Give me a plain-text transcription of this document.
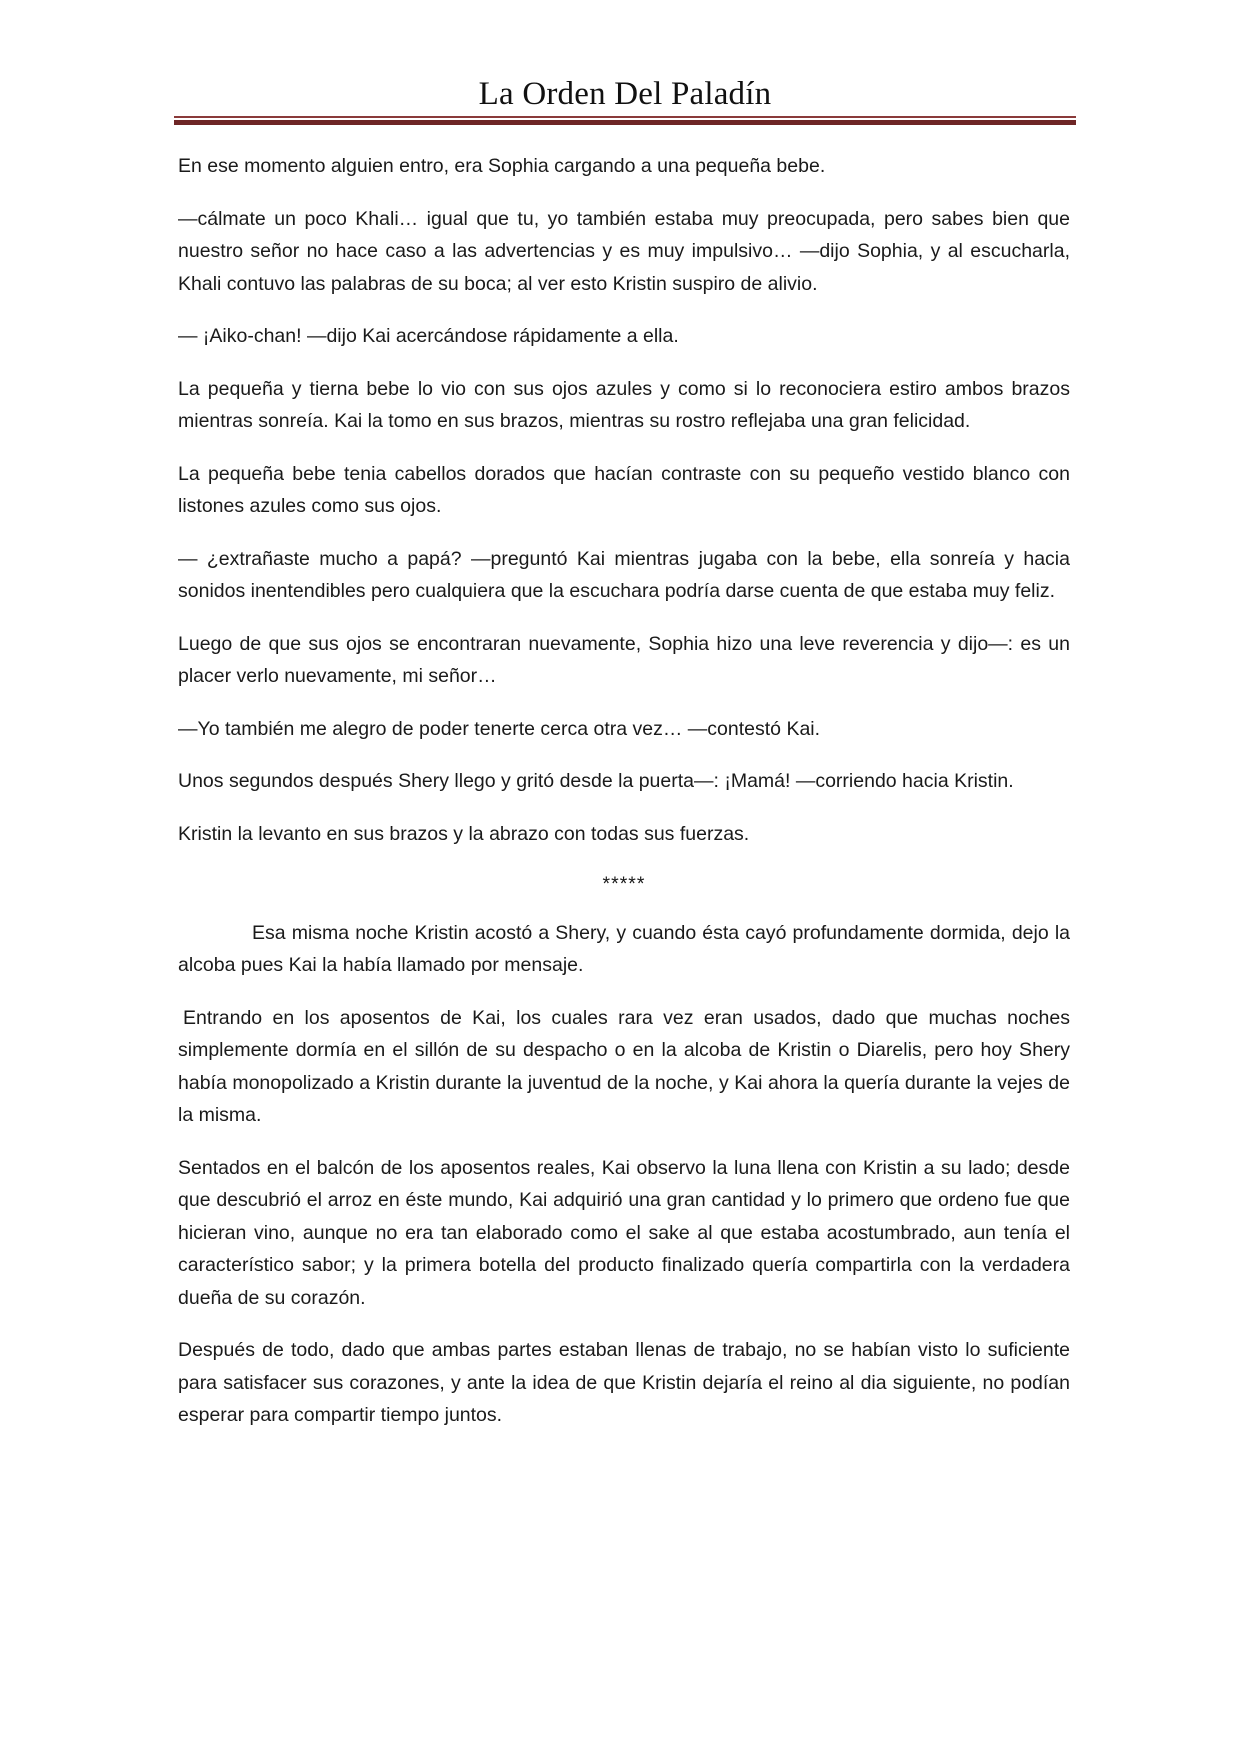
La Orden Del Paladín

En ese momento alguien entro, era Sophia cargando a una pequeña bebe.

—cálmate un poco Khali… igual que tu, yo también estaba muy preocupada, pero sabes bien que nuestro señor no hace caso a las advertencias y es muy impulsivo… —dijo Sophia, y al escucharla, Khali contuvo las palabras de su boca; al ver esto Kristin suspiro de alivio.

— ¡Aiko-chan! —dijo Kai acercándose rápidamente a ella.

La pequeña y tierna bebe lo vio con sus ojos azules y como si lo reconociera estiro ambos brazos mientras sonreía. Kai la tomo en sus brazos, mientras su rostro reflejaba una gran felicidad.

La pequeña bebe tenia cabellos dorados que hacían contraste con su pequeño vestido blanco con listones azules como sus ojos.

— ¿extrañaste mucho a papá? —preguntó Kai mientras jugaba con la bebe, ella sonreía y hacia sonidos inentendibles pero cualquiera que la escuchara podría darse cuenta de que estaba muy feliz.

Luego de que sus ojos se encontraran nuevamente, Sophia hizo una leve reverencia y dijo—: es un placer verlo nuevamente, mi señor…

—Yo también me alegro de poder tenerte cerca otra vez… —contestó Kai.

Unos segundos después Shery llego y gritó desde la puerta—: ¡Mamá! —corriendo hacia Kristin.

Kristin la levanto en sus brazos y la abrazo con todas sus fuerzas.

*****

Esa misma noche Kristin acostó a Shery, y cuando ésta cayó profundamente dormida, dejo la alcoba pues Kai la había llamado por mensaje.

Entrando en los aposentos de Kai, los cuales rara vez eran usados, dado que muchas noches simplemente dormía en el sillón de su despacho o en la alcoba de Kristin o Diarelis, pero hoy Shery había monopolizado a Kristin durante la juventud de la noche, y Kai ahora la quería durante la vejes de la misma.

Sentados en el balcón de los aposentos reales, Kai observo la luna llena con Kristin a su lado; desde que descubrió el arroz en éste mundo, Kai adquirió una gran cantidad y lo primero que ordeno fue que hicieran vino, aunque no era tan elaborado como el sake al que estaba acostumbrado, aun tenía el característico sabor; y la primera botella del producto finalizado quería compartirla con la verdadera dueña de su corazón.

Después de todo, dado que ambas partes estaban llenas de trabajo, no se habían visto lo suficiente para satisfacer sus corazones, y ante la idea de que Kristin dejaría el reino al dia siguiente, no podían esperar para compartir tiempo juntos.
